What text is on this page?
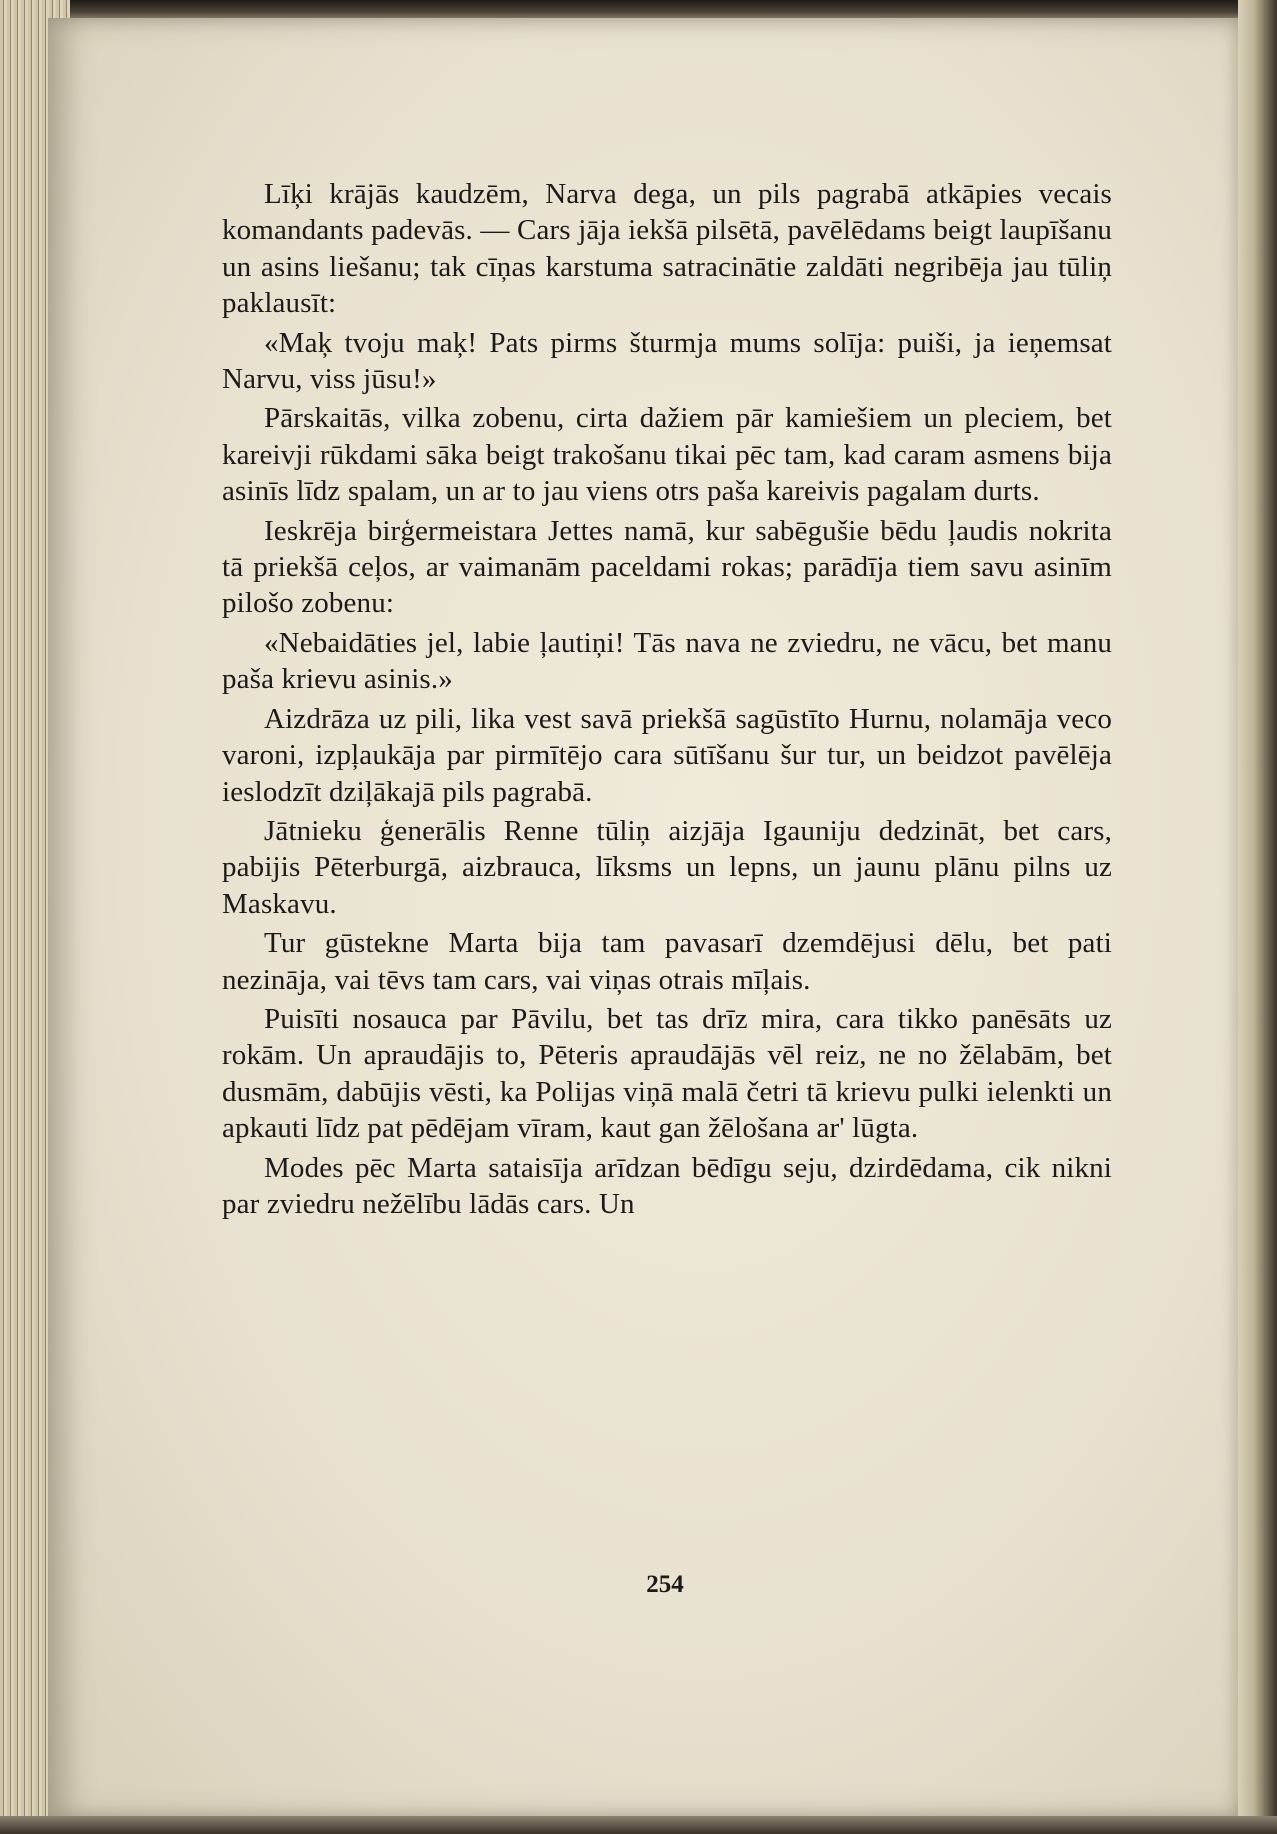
Līķi krājās kaudzēm, Narva dega, un pils pagrabā atkāpies vecais komandants padevās. — Cars jāja iekšā pilsētā, pavēlēdams beigt laupīšanu un asins liešanu; tak cīņas karstuma satracinātie zaldāti negribēja jau tūliņ paklausīt:

«Maķ tvoju maķ! Pats pirms šturmja mums solīja: puiši, ja ieņemsat Narvu, viss jūsu!»

Pārskaitās, vilka zobenu, cirta dažiem pār kamiešiem un pleciem, bet kareivji rūkdami sāka beigt trakošanu tikai pēc tam, kad caram asmens bija asinīs līdz spalam, un ar to jau viens otrs paša kareivis pagalam durts.

Ieskrēja birģermeistara Jettes namā, kur sabēgušie bēdu ļaudis nokrita tā priekšā ceļos, ar vaimanām paceldami rokas; parādīja tiem savu asinīm pilošo zobenu:

«Nebaidāties jel, labie ļautiņi! Tās nava ne zviedru, ne vācu, bet manu paša krievu asinis.»

Aizdrāza uz pili, lika vest savā priekšā sagūstīto Hurnu, nolamāja veco varoni, izpļaukāja par pirmītējo cara sūtīšanu šur tur, un beidzot pavēlēja ieslodzīt dziļākajā pils pagrabā.

Jātnieku ģenerālis Renne tūliņ aizjāja Igauniju dedzināt, bet cars, pabijis Pēterburgā, aizbrauca, līksms un lepns, un jaunu plānu pilns uz Maskavu.

Tur gūstekne Marta bija tam pavasarī dzemdējusi dēlu, bet pati nezināja, vai tēvs tam cars, vai viņas otrais mīļais.

Puisīti nosauca par Pāvilu, bet tas drīz mira, cara tikko panēsāts uz rokām. Un apraudājis to, Pēteris apraudājās vēl reiz, ne no žēlabām, bet dusmām, dabūjis vēsti, ka Polijas viņā malā četri tā krievu pulki ielenkti un apkauti līdz pat pēdējam vīram, kaut gan žēlošana ar' lūgta.

Modes pēc Marta sataisīja arīdzan bēdīgu seju, dzirdēdama, cik nikni par zviedru nežēlību lādās cars. Un

254
